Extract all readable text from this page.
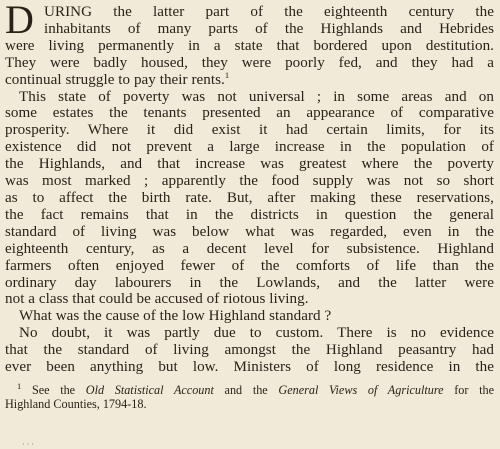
D URING the latter part of the eighteenth century the
inhabitants of many parts of the Highlands and Hebrides
were living permanently in a state that bordered upon destitution.
They were badly housed, they were poorly fed, and they had a
continual struggle to pay their rents.$^1$
This state of poverty was not universal ; in some areas and on
some estates the tenants presented an appearance of comparative
prosperity. Where it did exist it had certain limits, for its
existence did not prevent a large increase in the population of
the Highlands, and that increase was greatest where the poverty
was most marked ; apparently the food supply was not so short
as to affect the birth rate. But, after making these reservations,
the fact remains that in the districts in question the general
standard of living was below what was regarded, even in the
eighteenth century, as a decent level for subsistence. Highland
farmers often enjoyed fewer of the comforts of life than the
ordinary day labourers in the Lowlands, and the latter were
not a class that could be accused of riotous living.
What was the cause of the low Highland standard ?
No doubt, it was partly due to custom. There is no evidence
that the standard of living amongst the Highland peasantry had
ever been anything but low. Ministers of long residence in the
$^1$ See the Old Statistical Account and the General Views of Agriculture for the
Highland Counties, 1794-18.
· · ·
